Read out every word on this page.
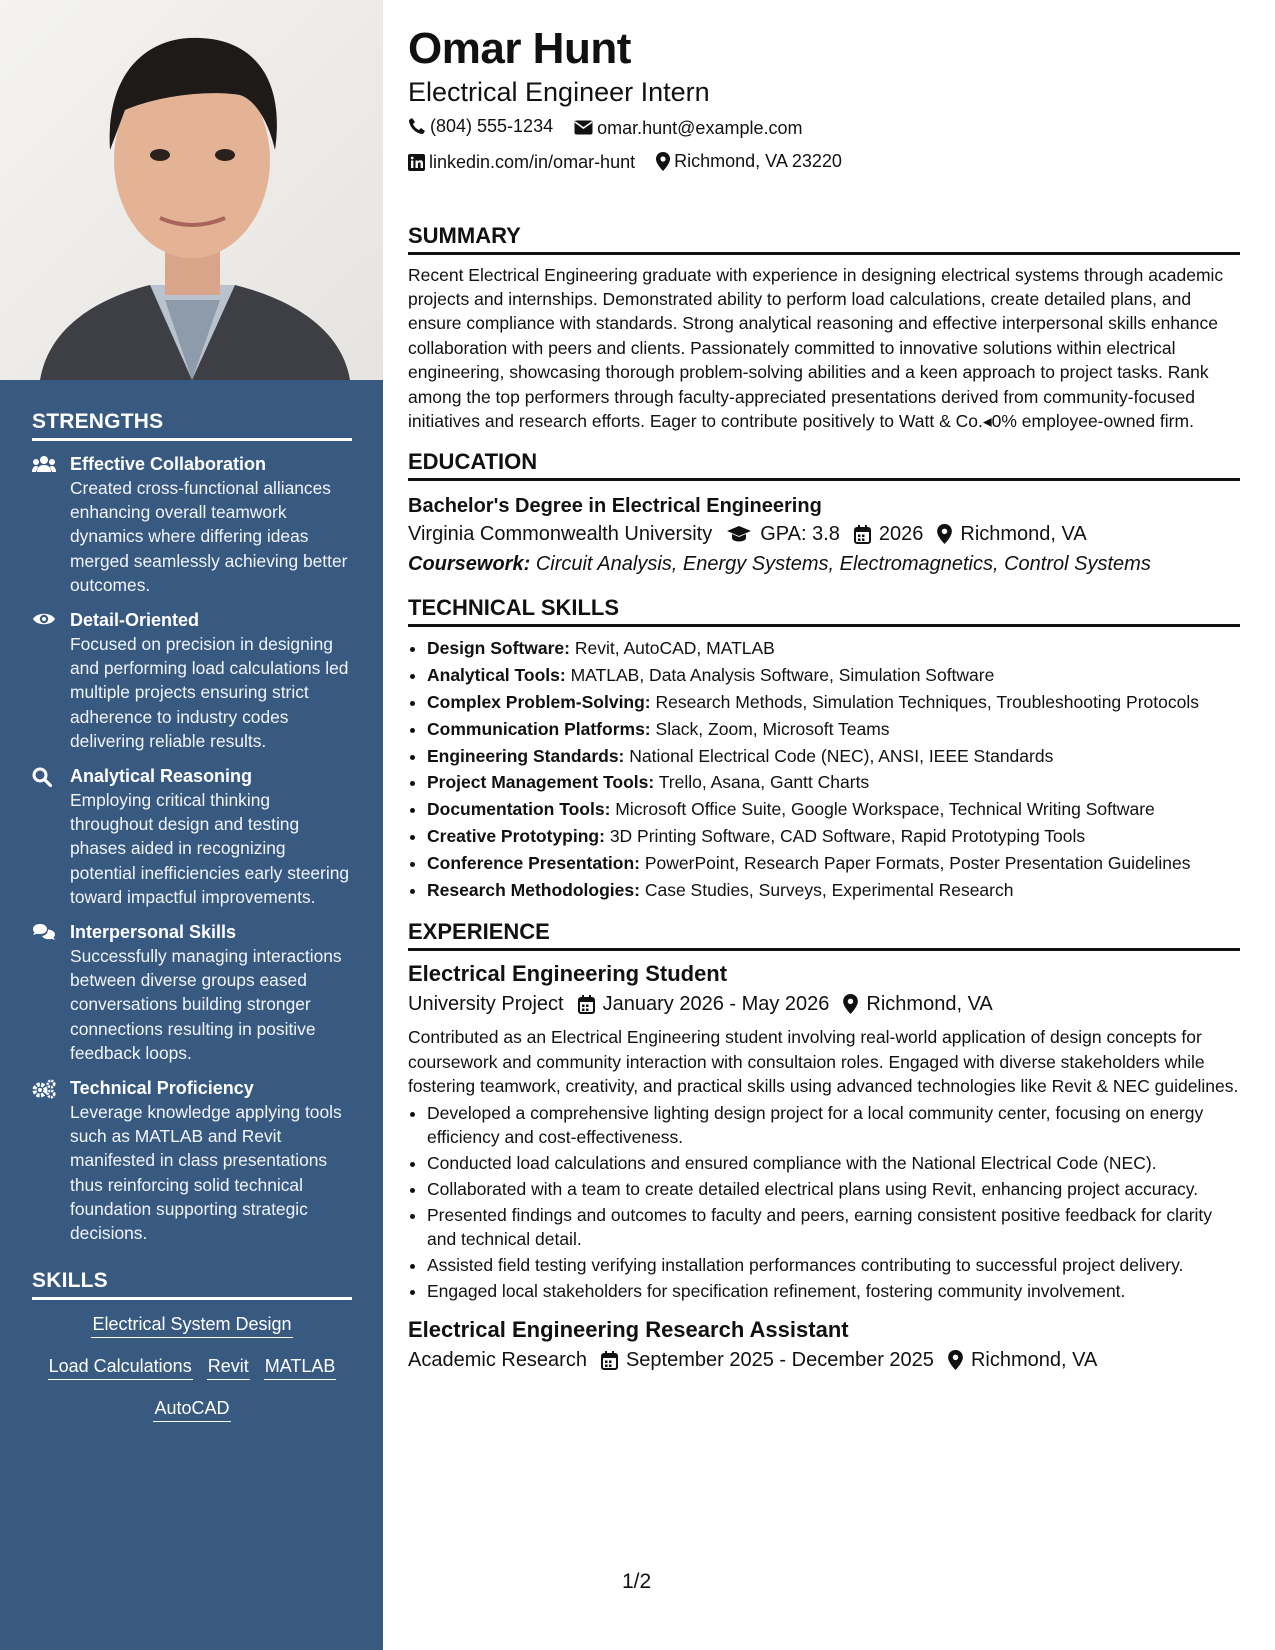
STRENGTHS
Effective Collaboration
Created cross-functional alliances enhancing overall teamwork dynamics where differing ideas merged seamlessly achieving better outcomes.
Detail-Oriented
Focused on precision in designing and performing load calculations led multiple projects ensuring strict adherence to industry codes delivering reliable results.
Analytical Reasoning
Employing critical thinking throughout design and testing phases aided in recognizing potential inefficiencies early steering toward impactful improvements.
Interpersonal Skills
Successfully managing interactions between diverse groups eased conversations building stronger connections resulting in positive feedback loops.
Technical Proficiency
Leverage knowledge applying tools such as MATLAB and Revit manifested in class presentations thus reinforcing solid technical foundation supporting strategic decisions.
SKILLS
Electrical System Design
Load Calculations Revit MATLAB
AutoCAD
Omar Hunt
Electrical Engineer Intern
(804) 555-1234
omar.hunt@example.com
linkedin.com/in/omar-hunt
Richmond, VA 23220
SUMMARY

Recent Electrical Engineering graduate with experience in designing electrical systems through academic projects and internships. Demonstrated ability to perform load calculations, create detailed plans, and ensure compliance with standards. Strong analytical reasoning and effective interpersonal skills enhance collaboration with peers and clients. Passionately committed to innovative solutions within electrical engineering, showcasing thorough problem-solving abilities and a keen approach to project tasks. Rank among the top performers through faculty-appreciated presentations derived from community-focused initiatives and research efforts. Eager to contribute positively to Watt & Co.◂0% employee-owned firm.

EDUCATION
Bachelor's Degree in Electrical Engineering
Virginia Commonwealth University GPA: 3.8 2026 Richmond, VA
Coursework: Circuit Analysis, Energy Systems, Electromagnetics, Control Systems
TECHNICAL SKILLS
• Design Software: Revit, AutoCAD, MATLAB
• Analytical Tools: MATLAB, Data Analysis Software, Simulation Software
• Complex Problem-Solving: Research Methods, Simulation Techniques, Troubleshooting Protocols
• Communication Platforms: Slack, Zoom, Microsoft Teams
• Engineering Standards: National Electrical Code (NEC), ANSI, IEEE Standards
• Project Management Tools: Trello, Asana, Gantt Charts
• Documentation Tools: Microsoft Office Suite, Google Workspace, Technical Writing Software
• Creative Prototyping: 3D Printing Software, CAD Software, Rapid Prototyping Tools
• Conference Presentation: PowerPoint, Research Paper Formats, Poster Presentation Guidelines
• Research Methodologies: Case Studies, Surveys, Experimental Research
EXPERIENCE
Electrical Engineering Student
University Project January 2026 - May 2026 Richmond, VA

Contributed as an Electrical Engineering student involving real-world application of design concepts for coursework and community interaction with consultaion roles. Engaged with diverse stakeholders while fostering teamwork, creativity, and practical skills using advanced technologies like Revit & NEC guidelines.

• Developed a comprehensive lighting design project for a local community center, focusing on energy efficiency and cost-effectiveness.
• Conducted load calculations and ensured compliance with the National Electrical Code (NEC).
• Collaborated with a team to create detailed electrical plans using Revit, enhancing project accuracy.
• Presented findings and outcomes to faculty and peers, earning consistent positive feedback for clarity and technical detail.
• Assisted field testing verifying installation performances contributing to successful project delivery.
• Engaged local stakeholders for specification refinement, fostering community involvement.
Electrical Engineering Research Assistant
Academic Research September 2025 - December 2025 Richmond, VA
1/2
